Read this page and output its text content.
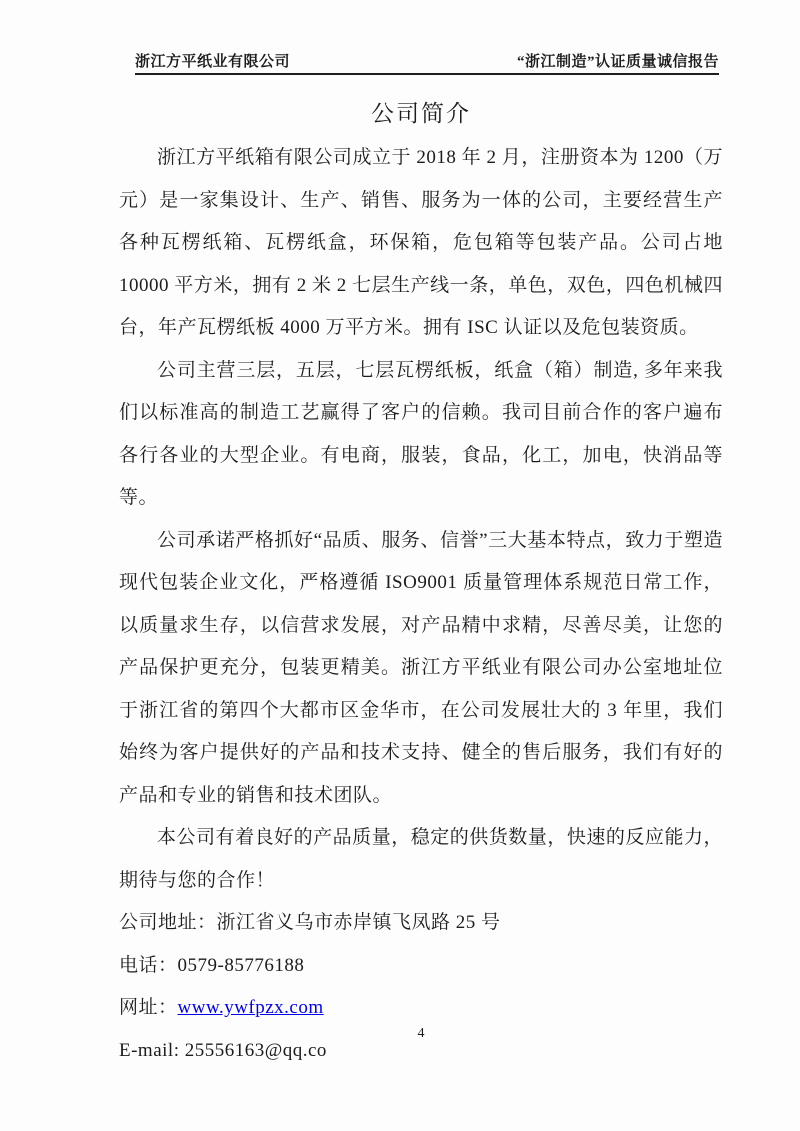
浙江方平纸业有限公司	“浙江制造”认证质量诚信报告
公司简介

浙江方平纸箱有限公司成立于 2018 年 2 月，注册资本为 1200（万元）是一家集设计、生产、销售、服务为一体的公司，主要经营生产各种瓦楞纸箱、瓦楞纸盒，环保箱，危包箱等包装产品。公司占地 10000 平方米，拥有 2 米 2 七层生产线一条，单色，双色，四色机械四台，年产瓦楞纸板 4000 万平方米。拥有 ISC 认证以及危包装资质。

公司主营三层，五层，七层瓦楞纸板，纸盒（箱）制造, 多年来我们以标准高的制造工艺赢得了客户的信赖。我司目前合作的客户遍布各行各业的大型企业。有电商，服装，食品，化工，加电，快消品等等。

公司承诺严格抓好“品质、服务、信誉”三大基本特点，致力于塑造现代包装企业文化，严格遵循 ISO9001 质量管理体系规范日常工作，以质量求生存，以信营求发展，对产品精中求精，尽善尽美，让您的产品保护更充分，包装更精美。浙江方平纸业有限公司办公室地址位于浙江省的第四个大都市区金华市，在公司发展壮大的 3 年里，我们始终为客户提供好的产品和技术支持、健全的售后服务，我们有好的产品和专业的销售和技术团队。

本公司有着良好的产品质量，稳定的供货数量，快速的反应能力，期待与您的合作！

公司地址：浙江省义乌市赤岸镇飞凤路 25 号

电话：0579-85776188

网址：www.ywfpzx.com

E-mail: 25556163@qq.co

4
